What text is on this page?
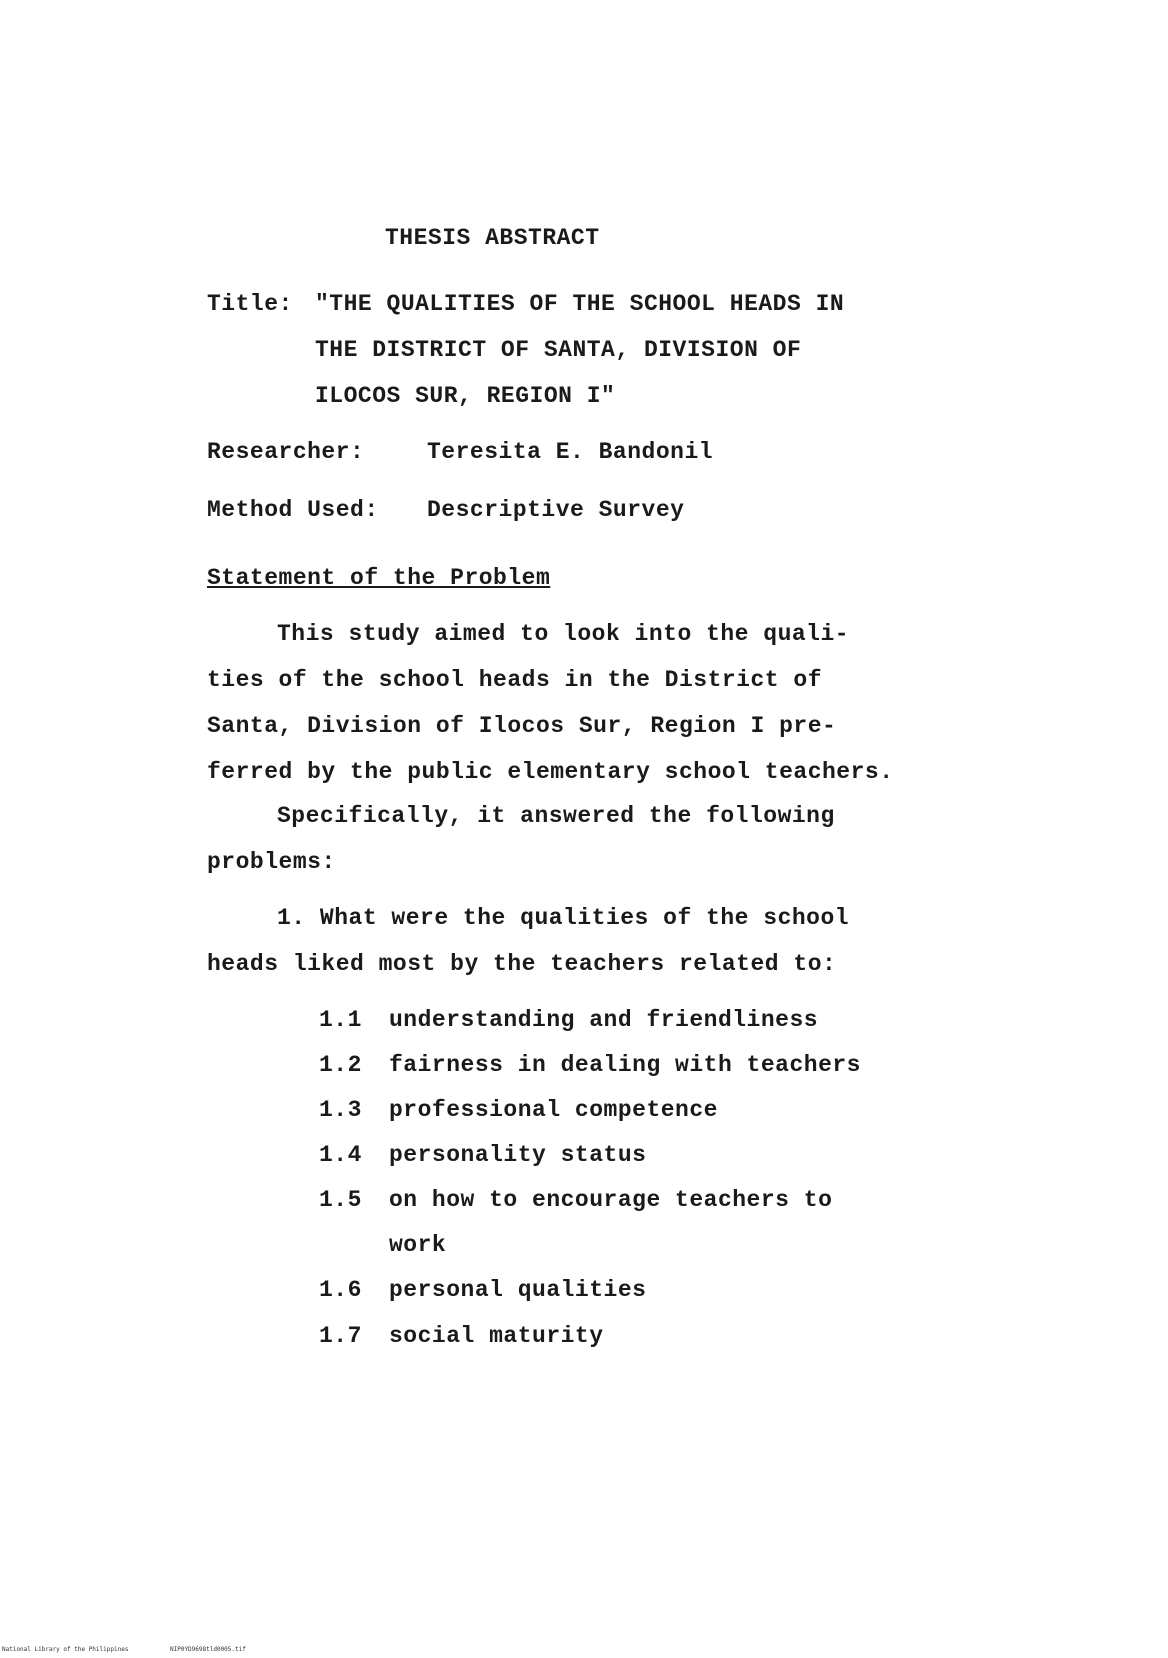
THESIS ABSTRACT
Title: "THE QUALITIES OF THE SCHOOL HEADS IN
THE DISTRICT OF SANTA, DIVISION OF
ILOCOS SUR, REGION I"
Researcher:	Teresita E. Bandonil
Method Used: Descriptive Survey
Statement of the Problem
This study aimed to look into the quali-
ties of the school heads in the District of
Santa, Division of Ilocos Sur, Region I pre-
ferred by the public elementary school teachers.
Specifically, it answered the following
problems:
1. What were the qualities of the school
heads liked most by the teachers related to:
1.1 understanding and friendliness
1.2 fairness in dealing with teachers
1.3 professional competence
1.4 personality status
1.5 on how to encourage teachers to
work
1.6 personal qualities
1.7 social maturity
National Library of the Philippines	NIP0YD9698tld0005.tif
